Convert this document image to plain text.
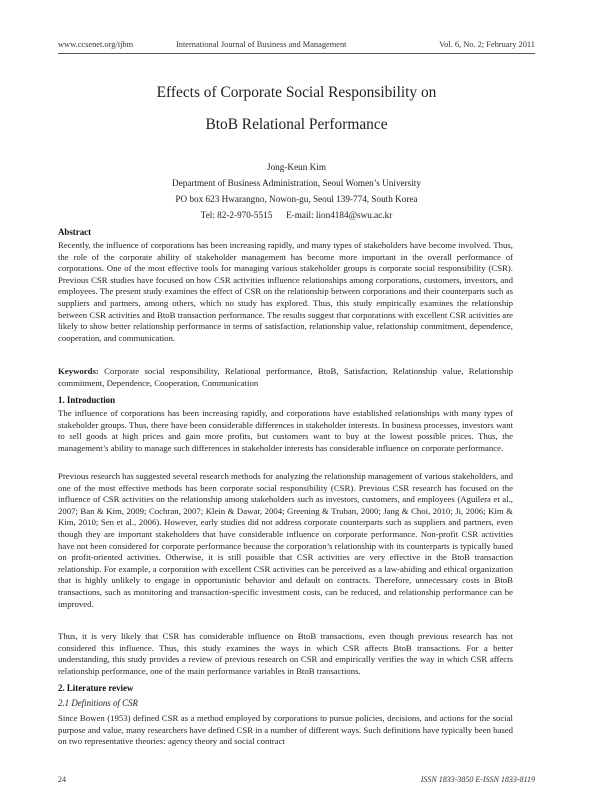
www.ccsenet.org/ijbm	International Journal of Business and Management	Vol. 6, No. 2; February 2011
Effects of Corporate Social Responsibility on
BtoB Relational Performance
Jong-Keun Kim
Department of Business Administration, Seoul Women’s University
PO box 623 Hwarangno, Nowon-gu, Seoul 139-774, South Korea
Tel: 82-2-970-5515      E-mail: lion4184@swu.ac.kr
Abstract
Recently, the influence of corporations has been increasing rapidly, and many types of stakeholders have become involved. Thus, the role of the corporate ability of stakeholder management has become more important in the overall performance of corporations. One of the most effective tools for managing various stakeholder groups is corporate social responsibility (CSR). Previous CSR studies have focused on how CSR activities influence relationships among corporations, customers, investors, and employees. The present study examines the effect of CSR on the relationship between corporations and their counterparts such as suppliers and partners, among others, which no study has explored. Thus, this study empirically examines the relationship between CSR activities and BtoB transaction performance. The results suggest that corporations with excellent CSR activities are likely to show better relationship performance in terms of satisfaction, relationship value, relationship commitment, dependence, cooperation, and communication.
Keywords: Corporate social responsibility, Relational performance, BtoB, Satisfaction, Relationship value, Relationship commitment, Dependence, Cooperation, Communication
1. Introduction
The influence of corporations has been increasing rapidly, and corporations have established relationships with many types of stakeholder groups. Thus, there have been considerable differences in stakeholder interests. In business processes, investors want to sell goods at high prices and gain more profits, but customers want to buy at the lowest possible prices. Thus, the management’s ability to manage such differences in stakeholder interests has considerable influence on corporate performance.
Previous research has suggested several research methods for analyzing the relationship management of various stakeholders, and one of the most effective methods has been corporate social responsibility (CSR). Previous CSR research has focused on the influence of CSR activities on the relationship among stakeholders such as investors, customers, and employees (Aguilera et al., 2007; Ban & Kim, 2009; Cochran, 2007; Klein & Dawar, 2004; Greening & Truban, 2000; Jang & Choi, 2010; Ji, 2006; Kim & Kim, 2010; Sen et al., 2006). However, early studies did not address corporate counterparts such as suppliers and partners, even though they are important stakeholders that have considerable influence on corporate performance. Non-profit CSR activities have not been considered for corporate performance because the corporation’s relationship with its counterparts is typically based on profit-oriented activities. Otherwise, it is still possible that CSR activities are very effective in the BtoB transaction relationship. For example, a corporation with excellent CSR activities can be perceived as a law-abiding and ethical organization that is highly unlikely to engage in opportunistic behavior and default on contracts. Therefore, unnecessary costs in BtoB transactions, such as monitoring and transaction-specific investment costs, can be reduced, and relationship performance can be improved.
Thus, it is very likely that CSR has considerable influence on BtoB transactions, even though previous research has not considered this influence. Thus, this study examines the ways in which CSR affects BtoB transactions. For a better understanding, this study provides a review of previous research on CSR and empirically verifies the way in which CSR affects relationship performance, one of the main performance variables in BtoB transactions.
2. Literature review
2.1 Definitions of CSR
Since Bowen (1953) defined CSR as a method employed by corporations to pursue policies, decisions, and actions for the social purpose and value, many researchers have defined CSR in a number of different ways. Such definitions have typically been based on two representative theories: agency theory and social contract
24	ISSN 1833-3850 E-ISSN 1833-8119
